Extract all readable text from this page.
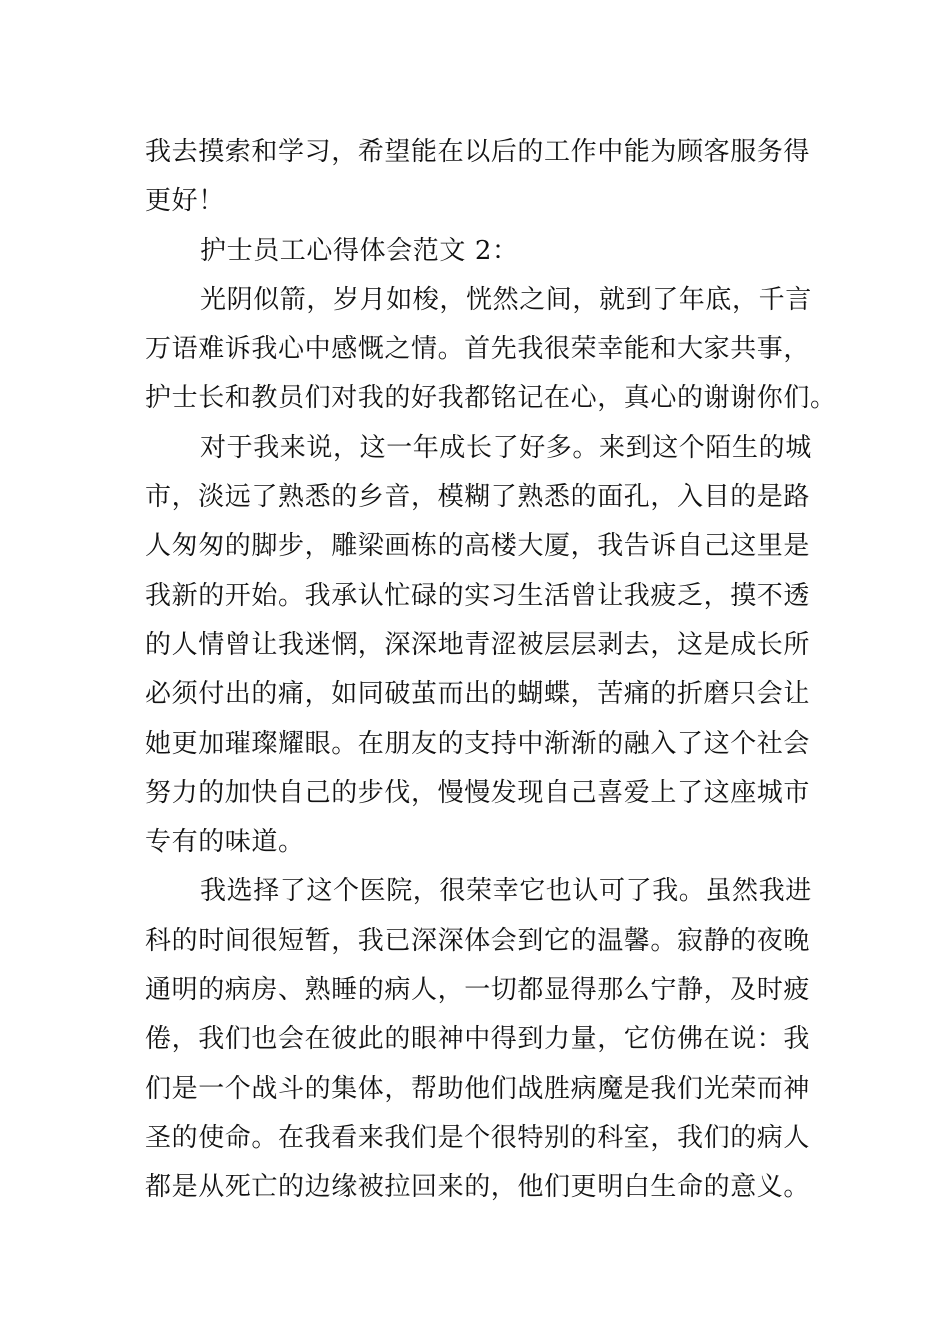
我去摸索和学习，希望能在以后的工作中能为顾客服务得
更好！
护士员工心得体会范文 2：
光阴似箭，岁月如梭，恍然之间，就到了年底，千言
万语难诉我心中感慨之情。首先我很荣幸能和大家共事，
护士长和教员们对我的好我都铭记在心，真心的谢谢你们。
对于我来说，这一年成长了好多。来到这个陌生的城
市，淡远了熟悉的乡音，模糊了熟悉的面孔，入目的是路
人匆匆的脚步，雕梁画栋的高楼大厦，我告诉自己这里是
我新的开始。我承认忙碌的实习生活曾让我疲乏，摸不透
的人情曾让我迷惘，深深地青涩被层层剥去，这是成长所
必须付出的痛，如同破茧而出的蝴蝶，苦痛的折磨只会让
她更加璀璨耀眼。在朋友的支持中渐渐的融入了这个社会
努力的加快自己的步伐，慢慢发现自己喜爱上了这座城市
专有的味道。
我选择了这个医院，很荣幸它也认可了我。虽然我进
科的时间很短暂，我已深深体会到它的温馨。寂静的夜晚
通明的病房、熟睡的病人，一切都显得那么宁静，及时疲
倦，我们也会在彼此的眼神中得到力量，它仿佛在说：我
们是一个战斗的集体，帮助他们战胜病魔是我们光荣而神
圣的使命。在我看来我们是个很特别的科室，我们的病人
都是从死亡的边缘被拉回来的，他们更明白生命的意义。
